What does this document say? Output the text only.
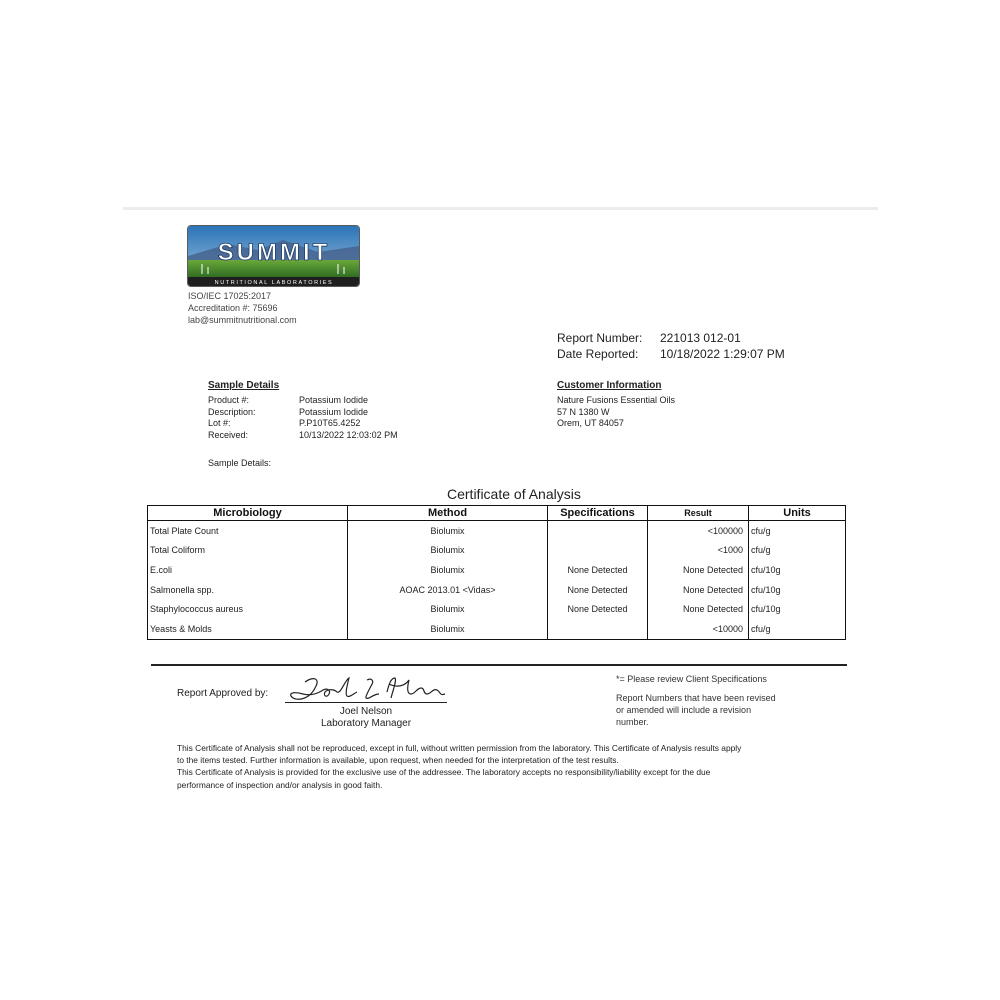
SUMMIT
NUTRITIONAL LABORATORIES
ISO/IEC 17025:2017
Accreditation #: 75696
lab@summitnutritional.com
Report Number:	221013 012-01
Date Reported:	10/18/2022 1:29:07 PM
Sample Details
Product #:	Potassium Iodide
Description:	Potassium Iodide
Lot #:	P.P10T65.4252
Received:	10/13/2022 12:03:02 PM
Sample Details:
Customer Information
Nature Fusions Essential Oils
57 N 1380 W
Orem, UT 84057
Certificate of Analysis
Microbiology	Method	Specifications	Result	Units
Total Plate Count	Biolumix		<100000	cfu/g
Total Coliform	Biolumix		<1000	cfu/g
E.coli	Biolumix	None Detected	None Detected	cfu/10g
Salmonella spp.	AOAC 2013.01 <Vidas>	None Detected	None Detected	cfu/10g
Staphylococcus aureus	Biolumix	None Detected	None Detected	cfu/10g
Yeasts & Molds	Biolumix		<10000	cfu/g
Report Approved by:
Joel Nelson
Laboratory Manager
*= Please review Client Specifications
Report Numbers that have been revised or amended will include a revision number.
This Certificate of Analysis shall not be reproduced, except in full, without written permission from the laboratory. This Certificate of Analysis results apply
to the items tested. Further information is available, upon request, when needed for the interpretation of the test results.
This Certificate of Analysis is provided for the exclusive use of the addressee. The laboratory accepts no responsibility/liability except for the due
performance of inspection and/or analysis in good faith.
